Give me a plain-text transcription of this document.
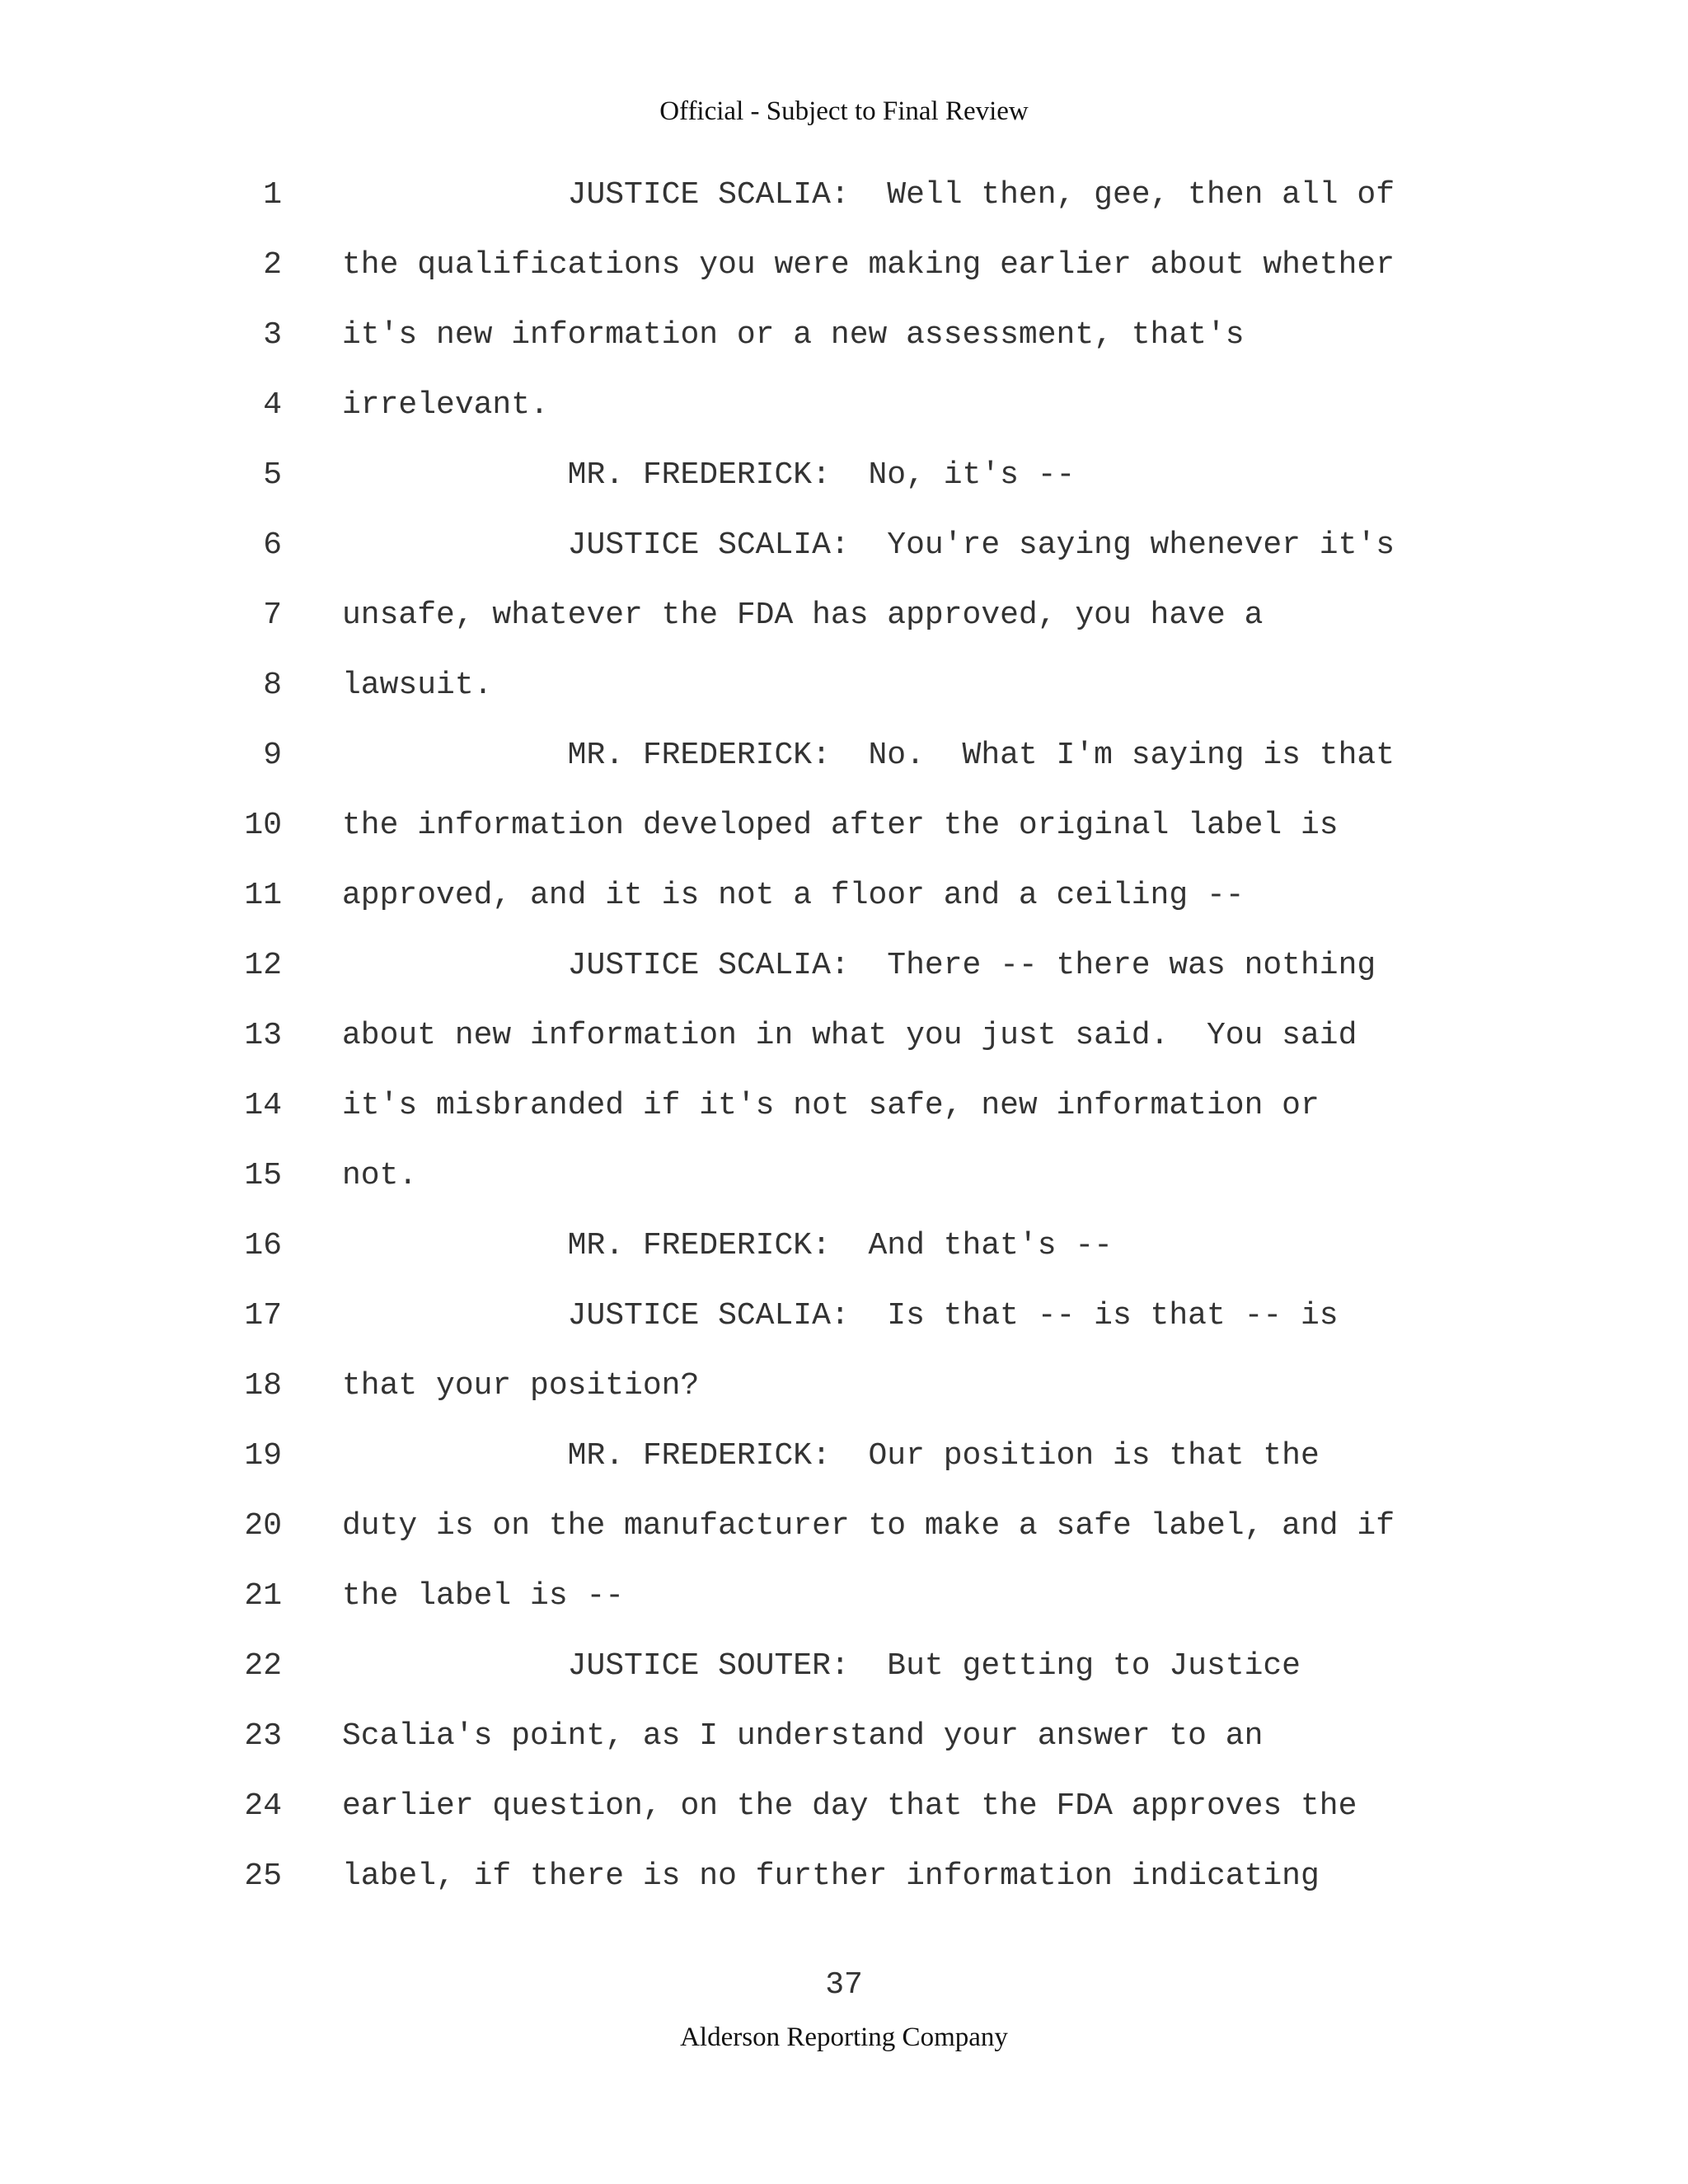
Official - Subject to Final Review
1 JUSTICE SCALIA:  Well then, gee, then all of
2 the qualifications you were making earlier about whether
3 it's new information or a new assessment, that's
4 irrelevant.
5 MR. FREDERICK:  No, it's --
6 JUSTICE SCALIA:  You're saying whenever it's
7 unsafe, whatever the FDA has approved, you have a
8 lawsuit.
9 MR. FREDERICK:  No.  What I'm saying is that
10 the information developed after the original label is
11 approved, and it is not a floor and a ceiling --
12 JUSTICE SCALIA:  There -- there was nothing
13 about new information in what you just said.  You said
14 it's misbranded if it's not safe, new information or
15 not.
16 MR. FREDERICK:  And that's --
17 JUSTICE SCALIA:  Is that -- is that -- is
18 that your position?
19 MR. FREDERICK:  Our position is that the
20 duty is on the manufacturer to make a safe label, and if
21 the label is --
22 JUSTICE SOUTER:  But getting to Justice
23 Scalia's point, as I understand your answer to an
24 earlier question, on the day that the FDA approves the
25 label, if there is no further information indicating
37
Alderson Reporting Company
